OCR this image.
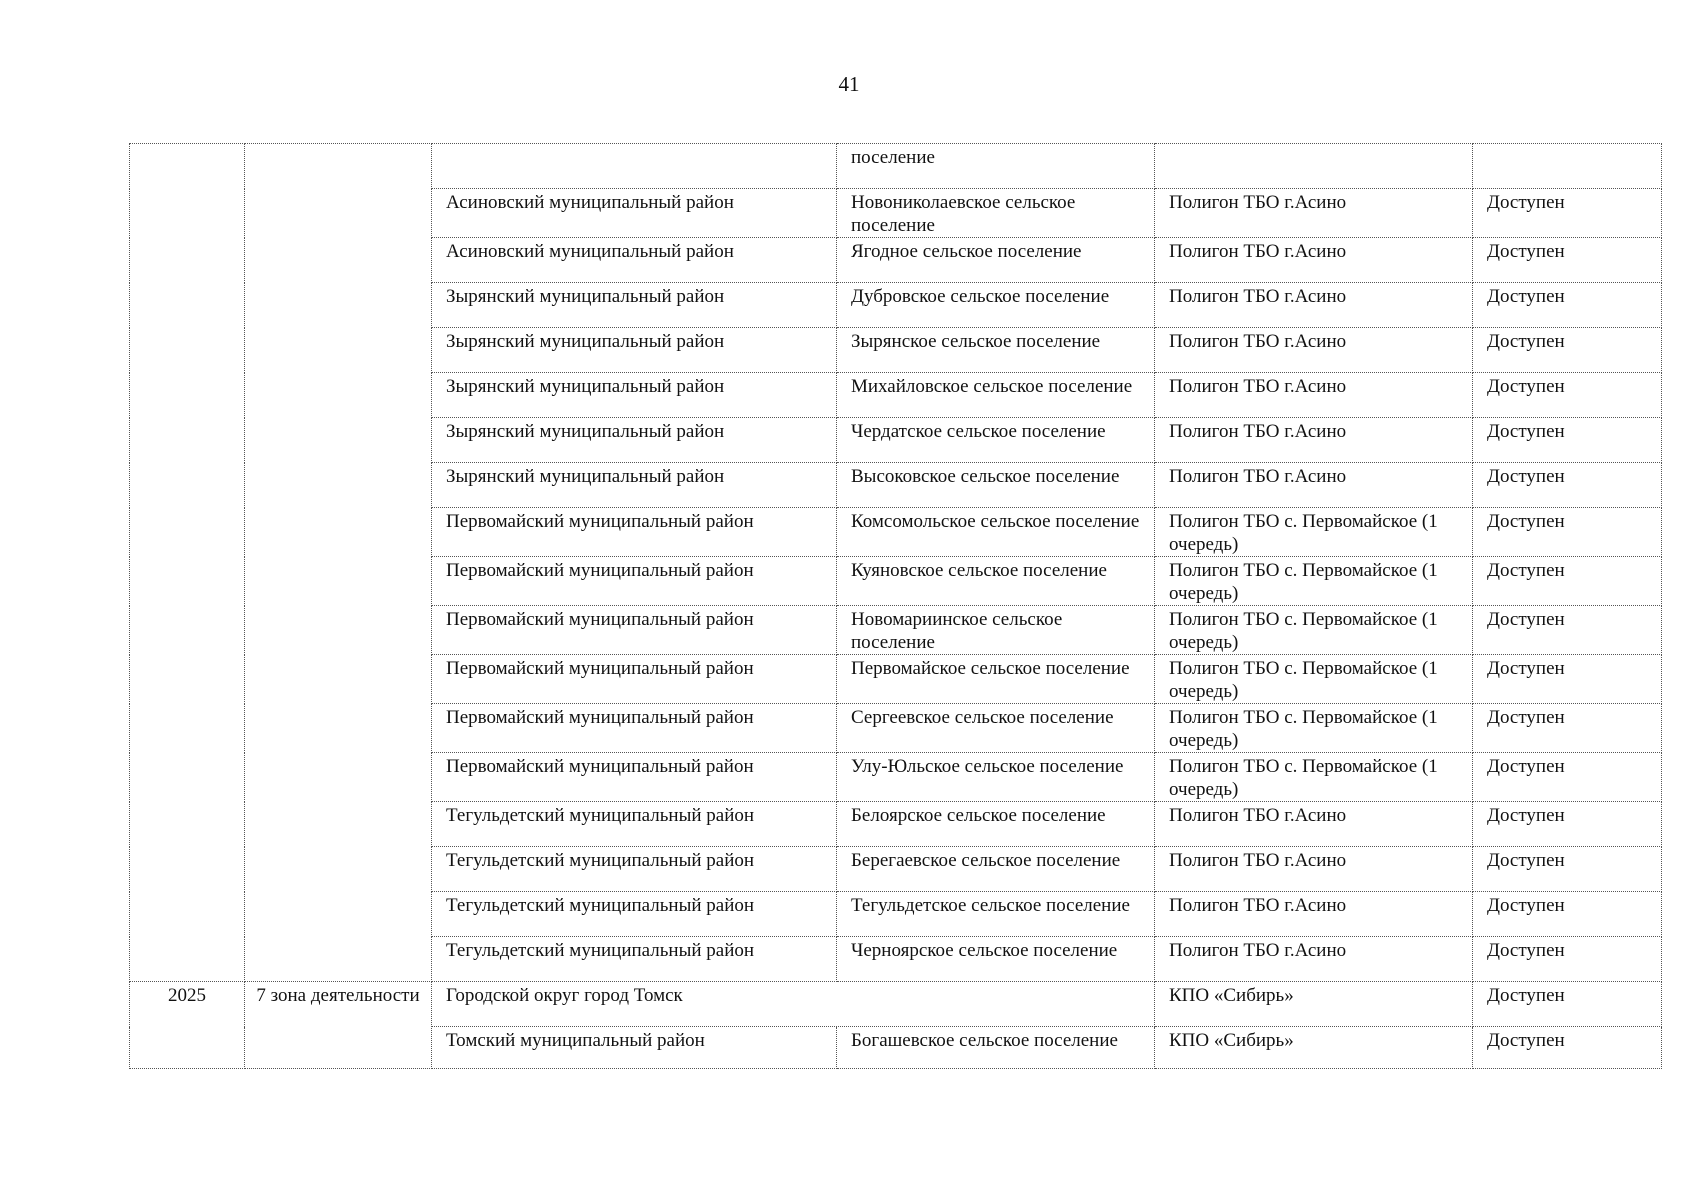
41
			поселение		
		Асиновский муниципальный район	Новониколаевское сельское поселение	Полигон ТБО г.Асино	Доступен
		Асиновский муниципальный район	Ягодное сельское поселение	Полигон ТБО г.Асино	Доступен
		Зырянский муниципальный район	Дубровское сельское поселение	Полигон ТБО г.Асино	Доступен
		Зырянский муниципальный район	Зырянское сельское поселение	Полигон ТБО г.Асино	Доступен
		Зырянский муниципальный район	Михайловское сельское поселение	Полигон ТБО г.Асино	Доступен
		Зырянский муниципальный район	Чердатское сельское поселение	Полигон ТБО г.Асино	Доступен
		Зырянский муниципальный район	Высоковское сельское поселение	Полигон ТБО г.Асино	Доступен
		Первомайский муниципальный район	Комсомольское сельское поселение	Полигон ТБО с. Первомайское (1 очередь)	Доступен
		Первомайский муниципальный район	Куяновское сельское поселение	Полигон ТБО с. Первомайское (1 очередь)	Доступен
		Первомайский муниципальный район	Новомариинское сельское поселение	Полигон ТБО с. Первомайское (1 очередь)	Доступен
		Первомайский муниципальный район	Первомайское сельское поселение	Полигон ТБО с. Первомайское (1 очередь)	Доступен
		Первомайский муниципальный район	Сергеевское сельское поселение	Полигон ТБО с. Первомайское (1 очередь)	Доступен
		Первомайский муниципальный район	Улу-Юльское сельское поселение	Полигон ТБО с. Первомайское (1 очередь)	Доступен
		Тегульдетский муниципальный район	Белоярское сельское поселение	Полигон ТБО г.Асино	Доступен
		Тегульдетский муниципальный район	Берегаевское сельское поселение	Полигон ТБО г.Асино	Доступен
		Тегульдетский муниципальный район	Тегульдетское сельское поселение	Полигон ТБО г.Асино	Доступен
		Тегульдетский муниципальный район	Черноярское сельское поселение	Полигон ТБО г.Асино	Доступен
2025	7 зона деятельности	Городской округ город Томск		КПО «Сибирь»	Доступен
		Томский муниципальный район	Богашевское сельское поселение	КПО «Сибирь»	Доступен
